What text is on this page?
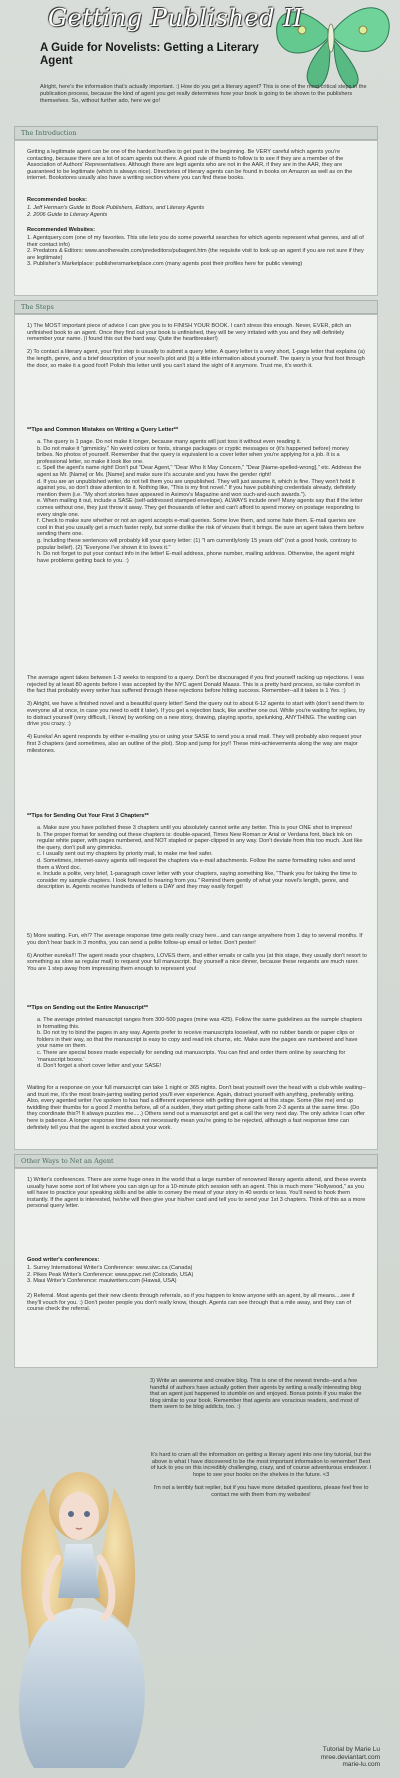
Getting Published II
A Guide for Novelists: Getting a Literary Agent
Alright, here's the information that's actually important. :) How do you get a literary agent? This is one of the most critical steps in the publication process, because the kind of agent you get really determines how your book is going to be shown to the publishers themselves. So, without further ado, here we go!
The Introduction
Getting a legitimate agent can be one of the hardest hurdles to get past in the beginning. Be VERY careful which agents you're contacting, because there are a lot of scam agents out there. A good rule of thumb to follow is to see if they are a member of the Association of Authors' Representatives. Although there are legit agents who are not in the AAR, if they are in the AAR, they are guaranteed to be legitimate (which is always nice). Directories of literary agents can be found in books on Amazon as well as on the internet. Bookstores usually also have a writing section where you can find these books.
Recommended books:
1. Jeff Herman's Guide to Book Publishers, Editors, and Literary Agents
2. 2006 Guide to Literary Agents
Recommended Websites:
1. Agentquery.com (one of my favorites. This site lets you do some powerful searches for which agents represent what genres, and all of their contact info)
2. Predators & Editors: www.anotherealm.com/prededitors/pubagent.htm (the requisite visit to look up an agent if you are not sure if they are legitimate)
3. Publisher's Marketplace: publishersmarketplace.com (many agents post their profiles here for public viewing)
The Steps
1) The MOST important piece of advice I can give you is to FINISH YOUR BOOK. I can't stress this enough. Never, EVER, pitch an unfinished book to an agent. Once they find out your book is unfinished, they will be very irritated with you and they will definitely remember your name. (I found this out the hard way. Quite the heartbreaker!)

2) To contact a literary agent, your first step is usually to submit a query letter. A query letter is a very short, 1-page letter that explains (a) the length, genre, and a brief description of your novel's plot and (b) a little information about yourself. The query is your first foot through the door, so make it a good foot!! Polish this letter until you can't stand the sight of it anymore. Trust me, it's worth it.
**Tips and Common Mistakes on Writing a Query Letter**
a. The query is 1 page. Do not make it longer, because many agents will just toss it without even reading it.
b. Do not make it "gimmicky." No weird colors or fonts, strange packages or cryptic messages or (it's happened before) money bribes. No photos of yourself. Remember that the query is equivalent to a cover letter when you're applying for a job. It is a professional letter, so make it look like one.
c. Spell the agent's name right! Don't put "Dear Agent," "Dear Who It May Concern," "Dear [Name-spelled-wrong]," etc. Address the agent as Mr. [Name] or Ms. [Name] and make sure it's accurate and you have the gender right!
d. If you are an unpublished writer, do not tell them you are unpublished. They will just assume it, which is fine. They won't hold it against you, so don't draw attention to it. Nothing like, "This is my first novel." If you have publishing credentials already, definitely mention them (i.e. "My short stories have appeared in Asimov's Magazine and won such-and-such awards.").
e. When mailing it out, include a SASE (self-addressed stamped envelope). ALWAYS include one!! Many agents say that if the letter comes without one, they just throw it away. They get thousands of letter and can't afford to spend money on postage responding to every single one.
f. Check to make sure whether or not an agent accepts e-mail queries. Some love them, and some hate them. E-mail queries are cool in that you usually get a much faster reply, but some dislike the risk of viruses that it brings. Be sure an agent takes them before sending them one.
g. Including these sentences will probably kill your query letter: (1) "I am currently/only 15 years old" (not a good hook, contrary to popular belief). (2) "Everyone I've shown it to loves it."
h. Do not forget to put your contact info in the letter! E-mail address, phone number, mailing address. Otherwise, the agent might have problems getting back to you. :)
The average agent takes between 1-3 weeks to respond to a query. Don't be discouraged if you find yourself racking up rejections. I was rejected by at least 80 agents before I was accepted by the NYC agent Donald Maass. This is a pretty hard process, so take comfort in the fact that probably every writer has suffered through these rejections before hitting success. Remember--all it takes is 1 Yes. :)

3) Alright, we have a finished novel and a beautiful query letter! Send the query out to about 6-12 agents to start with (don't send them to everyone all at once, in case you need to edit it later). If you get a rejection back, like another one out. While you're waiting for replies, try to distract yourself (very difficult, I know) by working on a new story, drawing, playing sports, spelunking, ANYTHING. The waiting can drive you crazy. :)

4) Eureka! An agent responds by either e-mailing you or using your SASE to send you a snail mail. They will probably also request your first 3 chapters (and sometimes, also an outline of the plot). Stop and jump for joy!! These mini-achievements along the way are major milestones.
**Tips for Sending Out Your First 3 Chapters**
a. Make sure you have polished these 3 chapters until you absolutely cannot write any better. This is your ONE shot to impress!
b. The proper format for sending out these chapters is: double-spaced, Times New Roman or Arial or Verdana font, black ink on regular white paper, with pages numbered, and NOT stapled or paper-clipped in any way. Don't deviate from this too much. Just like the query, don't pull any gimmicks.
c. I usually sent out my chapters by priority mail, to make me feel safer.
d. Sometimes, internet-savvy agents will request the chapters via e-mail attachments. Follow the same formatting rules and send them a Word doc.
e. Include a polite, very brief, 1-paragraph cover letter with your chapters, saying something like, "Thank you for taking the time to consider my sample chapters. I look forward to hearing from you." Remind them gently of what your novel's length, genre, and description is. Agents receive hundreds of letters a DAY and they may easily forget!
5) More waiting. Fun, eh!? The average response time gets really crazy here...and can range anywhere from 1 day to several months. If you don't hear back in 3 months, you can send a polite follow-up email or letter. Don't pester!

6) Another eureka!!! The agent reads your chapters, LOVES them, and either emails or calls you (at this stage, they usually don't resort to something as slow as regular mail) to request your full manuscript. Buy yourself a nice dinner, because these requests are much rarer. You are 1 step away from impressing them enough to represent you!
**Tips on Sending out the Entire Manuscript**
a. The average printed manuscript ranges from 300-500 pages (mine was 425). Follow the same guidelines as the sample chapters in formatting this.
b. Do not try to bind the pages in any way. Agents prefer to receive manuscripts looseleaf, with no rubber bands or paper clips or folders in their way, so that the manuscript is easy to copy and read ink churns, etc. Make sure the pages are numbered and have your name on them.
c. There are special boxes made especially for sending out manuscripts. You can find and order them online by searching for 'manuscript boxes.'
d. Don't forget a short cover letter and your SASE!
Waiting for a response on your full manuscript can take 1 night or 365 nights. Don't beat yourself over the head with a club while waiting--and trust me, it's the most brain-jarring waiting period you'll ever experience. Again, distract yourself with anything, preferably writing. Also, every agented writer I've spoken to has had a different experience with getting their agent at this stage. Some (like me) end up twiddling their thumbs for a good 2 months before, all of a sudden, they start getting phone calls from 2-3 agents at the same time. (Do they coordinate this?! It always puzzles me.....) Others send out a manuscript and get a call the very next day. The only advice I can offer here is patience. A longer response time does not necessarily mean you're going to be rejected, although a fast response time can definitely tell you that the agent is excited about your work.
Other Ways to Net an Agent
1) Writer's conferences. There are some huge ones in the world that a large number of renowned literary agents attend, and these events usually have some sort of list where you can sign up for a 10-minute pitch session with an agent. This is much more "Hollywood," as you will have to practice your speaking skills and be able to convey the meat of your story in 40 words or less. You'll need to hook them instantly. If the agent is interested, he/she will then give your his/her card and tell you to send your 1st 3 chapters. Think of this as a more personal query letter.
Good writer's conferences:
1. Surrey International Writer's Conference: www.siwc.ca (Canada)
2. Pikes Peak Writer's Conference: www.ppwc.net (Colorado, USA)
3. Maui Writer's Conference: mauiwriters.com (Hawaii, USA)
2) Referral. Most agents get their new clients through referrals, so if you happen to know anyone with an agent, by all means....see if they'll vouch for you. :) Don't pester people you don't really know, though. Agents can see through that a mile away, and they can of course check the referral.
3) Write an awesome and creative blog. This is one of the newest trends--and a few handful of authors have actually gotten their agents by writing a really interesting blog that an agent just happened to stumble on and enjoyed. Bonus points if you make the blog similar to your book. Remember that agents are voracious readers, and most of them seem to be blog addicts, too. :)
It's hard to cram all the information on getting a literary agent into one tiny tutorial, but the above is what I have discovered to be the most important information to remember! Best of luck to you on this incredibly challenging, crazy, and of course adventurous endeavor. I hope to see your books on the shelves in the future. <3

I'm not a terribly fast replier, but if you have more detailed questions, please feel free to contact me with them from my websites!
Tutorial by Marie Lu
mree.deviantart.com
marie-lu.com
